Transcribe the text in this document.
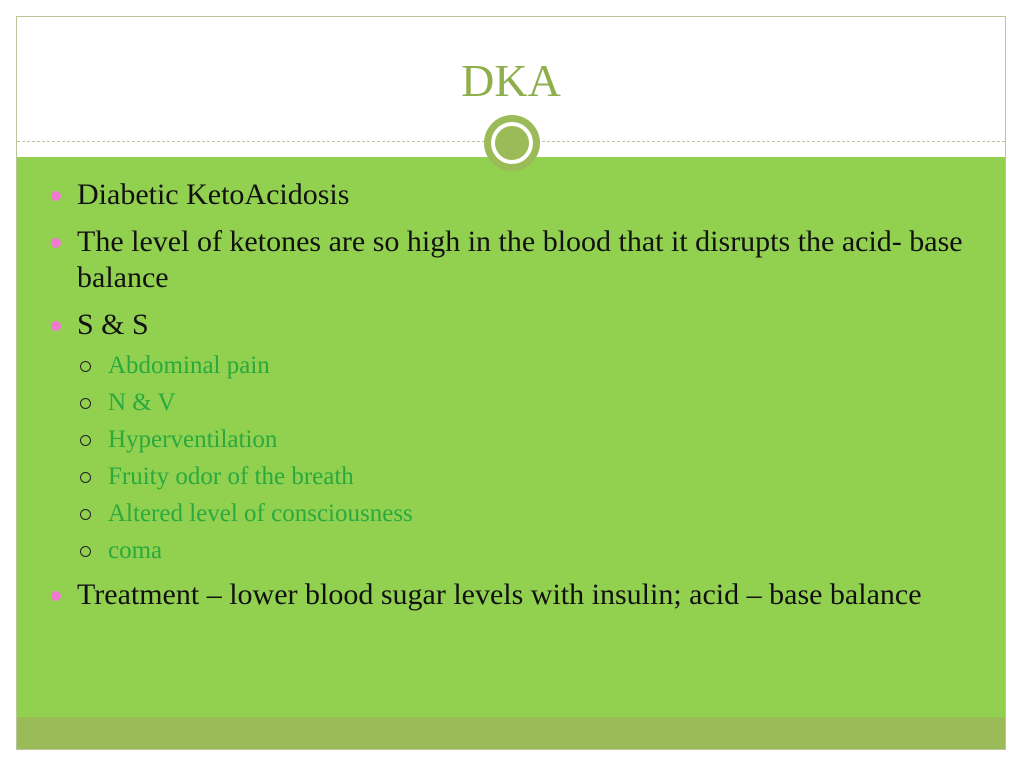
DKA
Diabetic KetoAcidosis
The level of ketones are so high in the blood that it disrupts the acid- base balance
S & S
Abdominal pain
N & V
Hyperventilation
Fruity odor of the breath
Altered level of consciousness
coma
Treatment – lower blood sugar levels with insulin; acid – base balance
